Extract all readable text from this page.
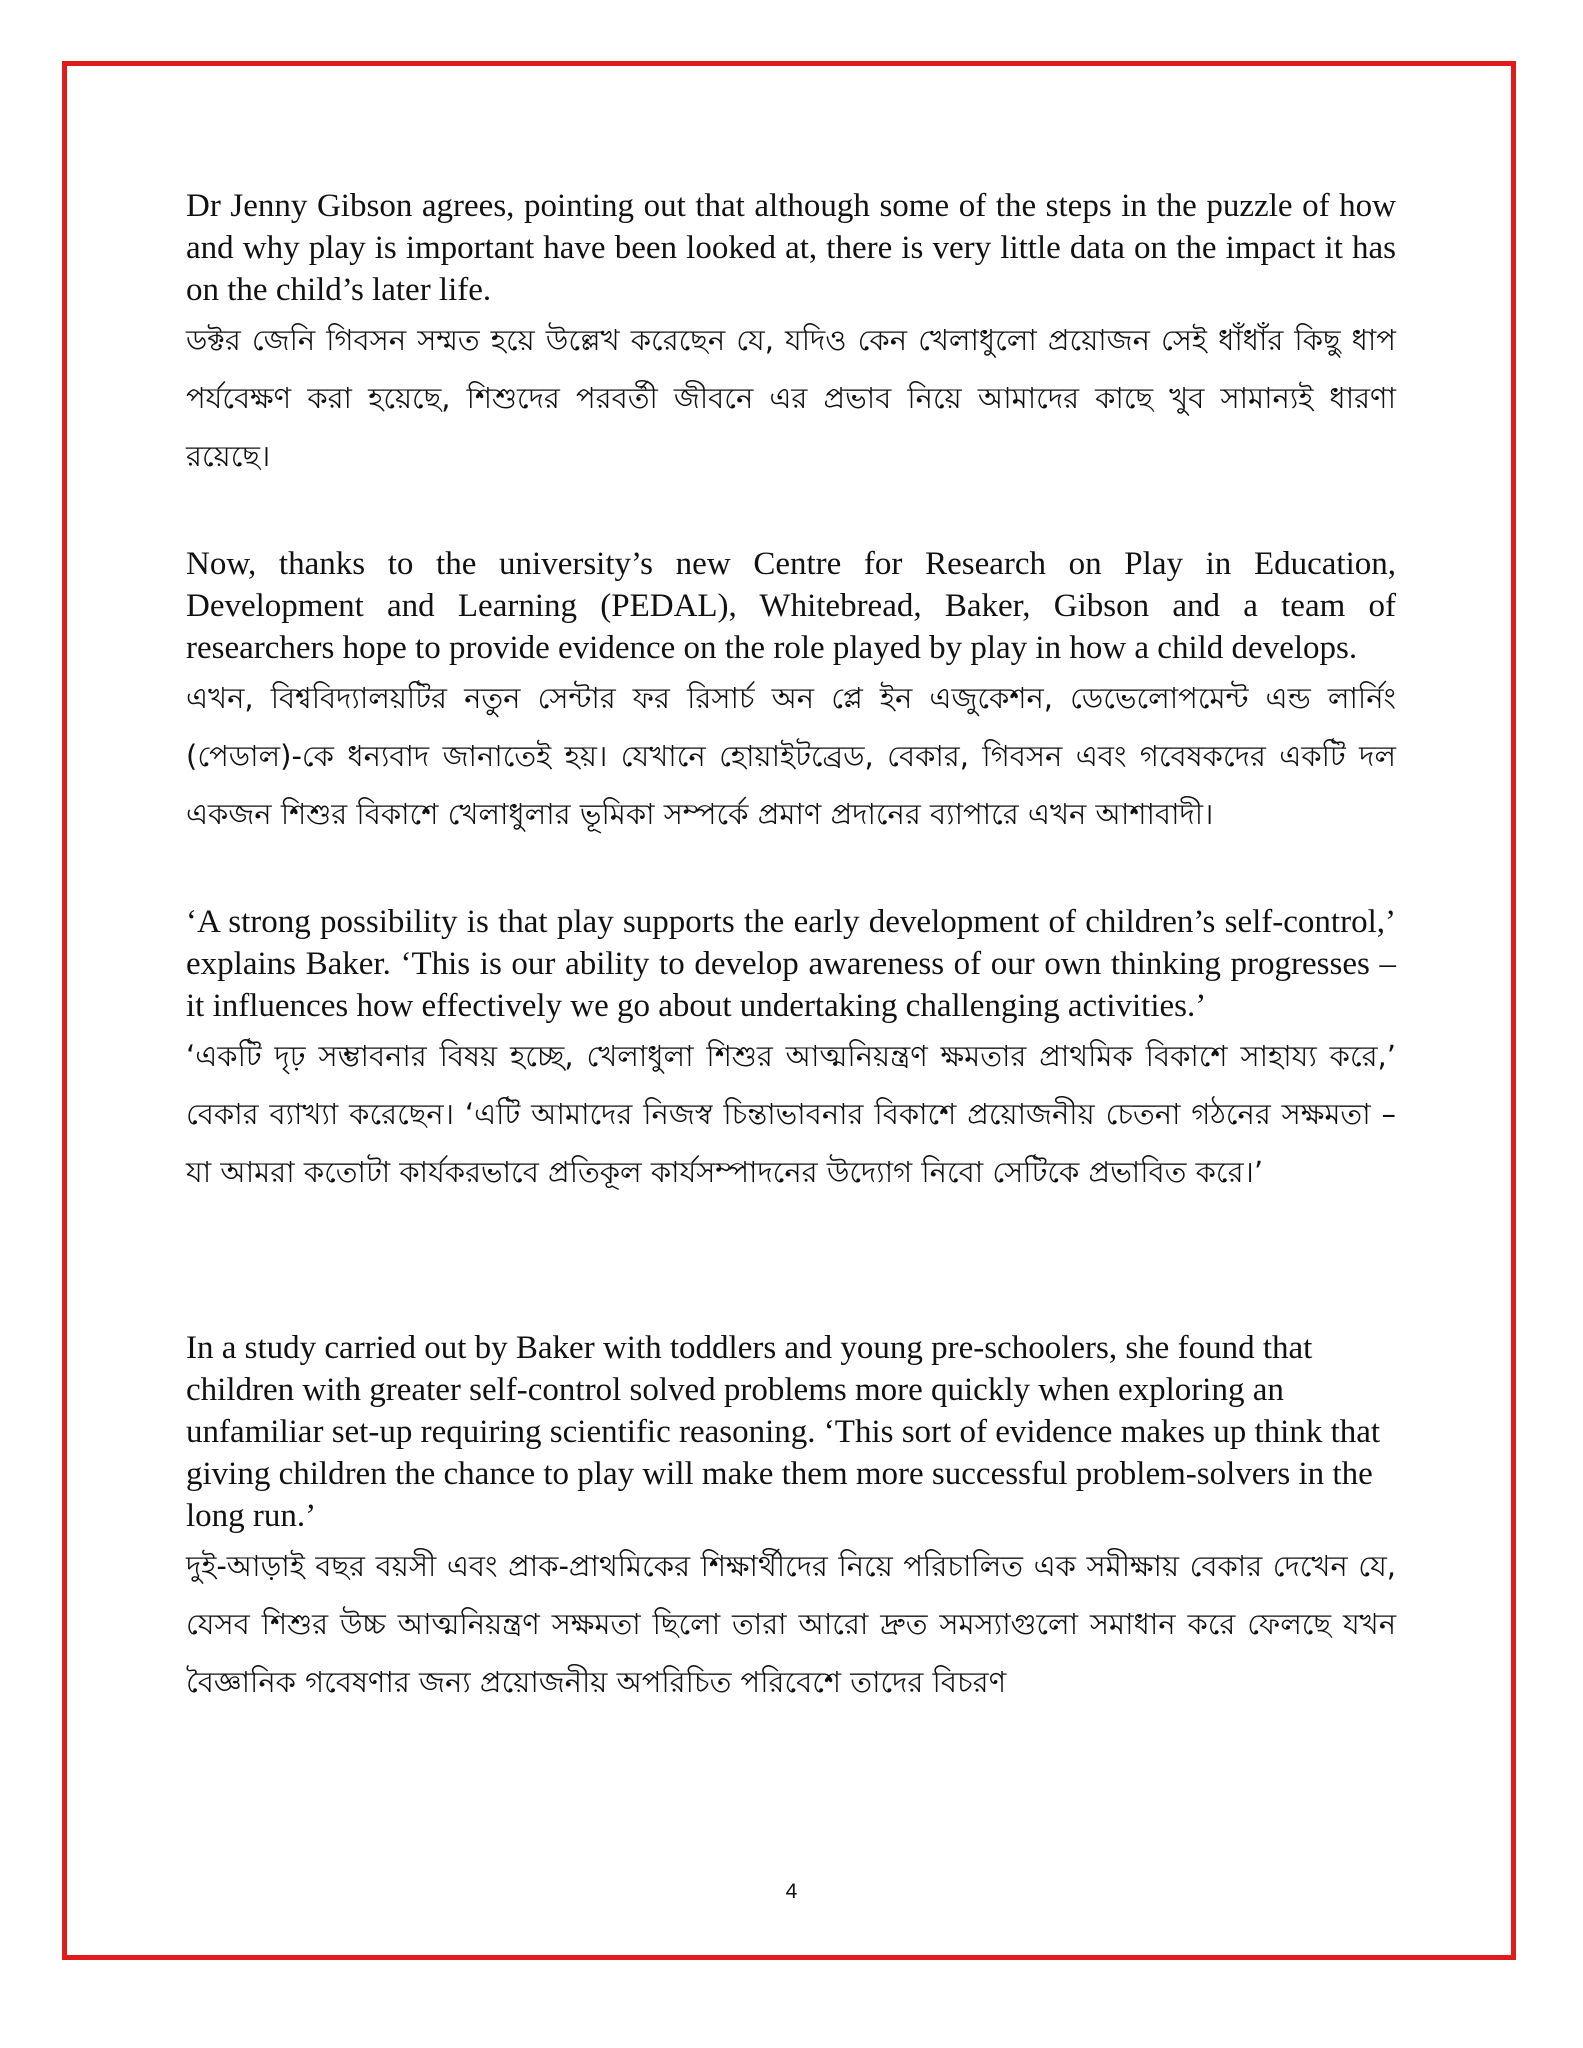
Dr Jenny Gibson agrees, pointing out that although some of the steps in the puzzle of how and why play is important have been looked at, there is very little data on the impact it has on the child’s later life.

ডক্টর জেনি গিবসন সম্মত হয়ে উল্লেখ করেছেন যে, যদিও কেন খেলাধুলো প্রয়োজন সেই ধাঁধাঁর কিছু ধাপ পর্যবেক্ষণ করা হয়েছে, শিশুদের পরবর্তী জীবনে এর প্রভাব নিয়ে আমাদের কাছে খুব সামান্যই ধারণা রয়েছে।

Now, thanks to the university’s new Centre for Research on Play in Education, Development and Learning (PEDAL), Whitebread, Baker, Gibson and a team of researchers hope to provide evidence on the role played by play in how a child develops.

এখন, বিশ্ববিদ্যালয়টির নতুন সেন্টার ফর রিসার্চ অন প্লে ইন এজুকেশন, ডেভেলোপমেন্ট এন্ড লার্নিং (পেডাল)-কে ধন্যবাদ জানাতেই হয়। যেখানে হোয়াইটব্রেড, বেকার, গিবসন এবং গবেষকদের একটি দল একজন শিশুর বিকাশে খেলাধুলার ভূমিকা সম্পর্কে প্রমাণ প্রদানের ব্যাপারে এখন আশাবাদী।

‘A strong possibility is that play supports the early development of children’s self-control,’ explains Baker. ‘This is our ability to develop awareness of our own thinking progresses – it influences how effectively we go about undertaking challenging activities.’

‘একটি দৃঢ় সম্ভাবনার বিষয় হচ্ছে, খেলাধুলা শিশুর আত্মনিয়ন্ত্রণ ক্ষমতার প্রাথমিক বিকাশে সাহায্য করে,’ বেকার ব্যাখ্যা করেছেন। ‘এটি আমাদের নিজস্ব চিন্তাভাবনার বিকাশে প্রয়োজনীয় চেতনা গঠনের সক্ষমতা – যা আমরা কতোটা কার্যকরভাবে প্রতিকূল কার্যসম্পাদনের উদ্যোগ নিবো সেটিকে প্রভাবিত করে।’

In a study carried out by Baker with toddlers and young pre-schoolers, she found that children with greater self-control solved problems more quickly when exploring an unfamiliar set-up requiring scientific reasoning. ‘This sort of evidence makes up think that giving children the chance to play will make them more successful problem-solvers in the long run.’

দুই-আড়াই বছর বয়সী এবং প্রাক-প্রাথমিকের শিক্ষার্থীদের নিয়ে পরিচালিত এক সমীক্ষায় বেকার দেখেন যে, যেসব শিশুর উচ্চ আত্মনিয়ন্ত্রণ সক্ষমতা ছিলো তারা আরো দ্রুত সমস্যাগুলো সমাধান করে ফেলছে যখন বৈজ্ঞানিক গবেষণার জন্য প্রয়োজনীয় অপরিচিত পরিবেশে তাদের বিচরণ

4
